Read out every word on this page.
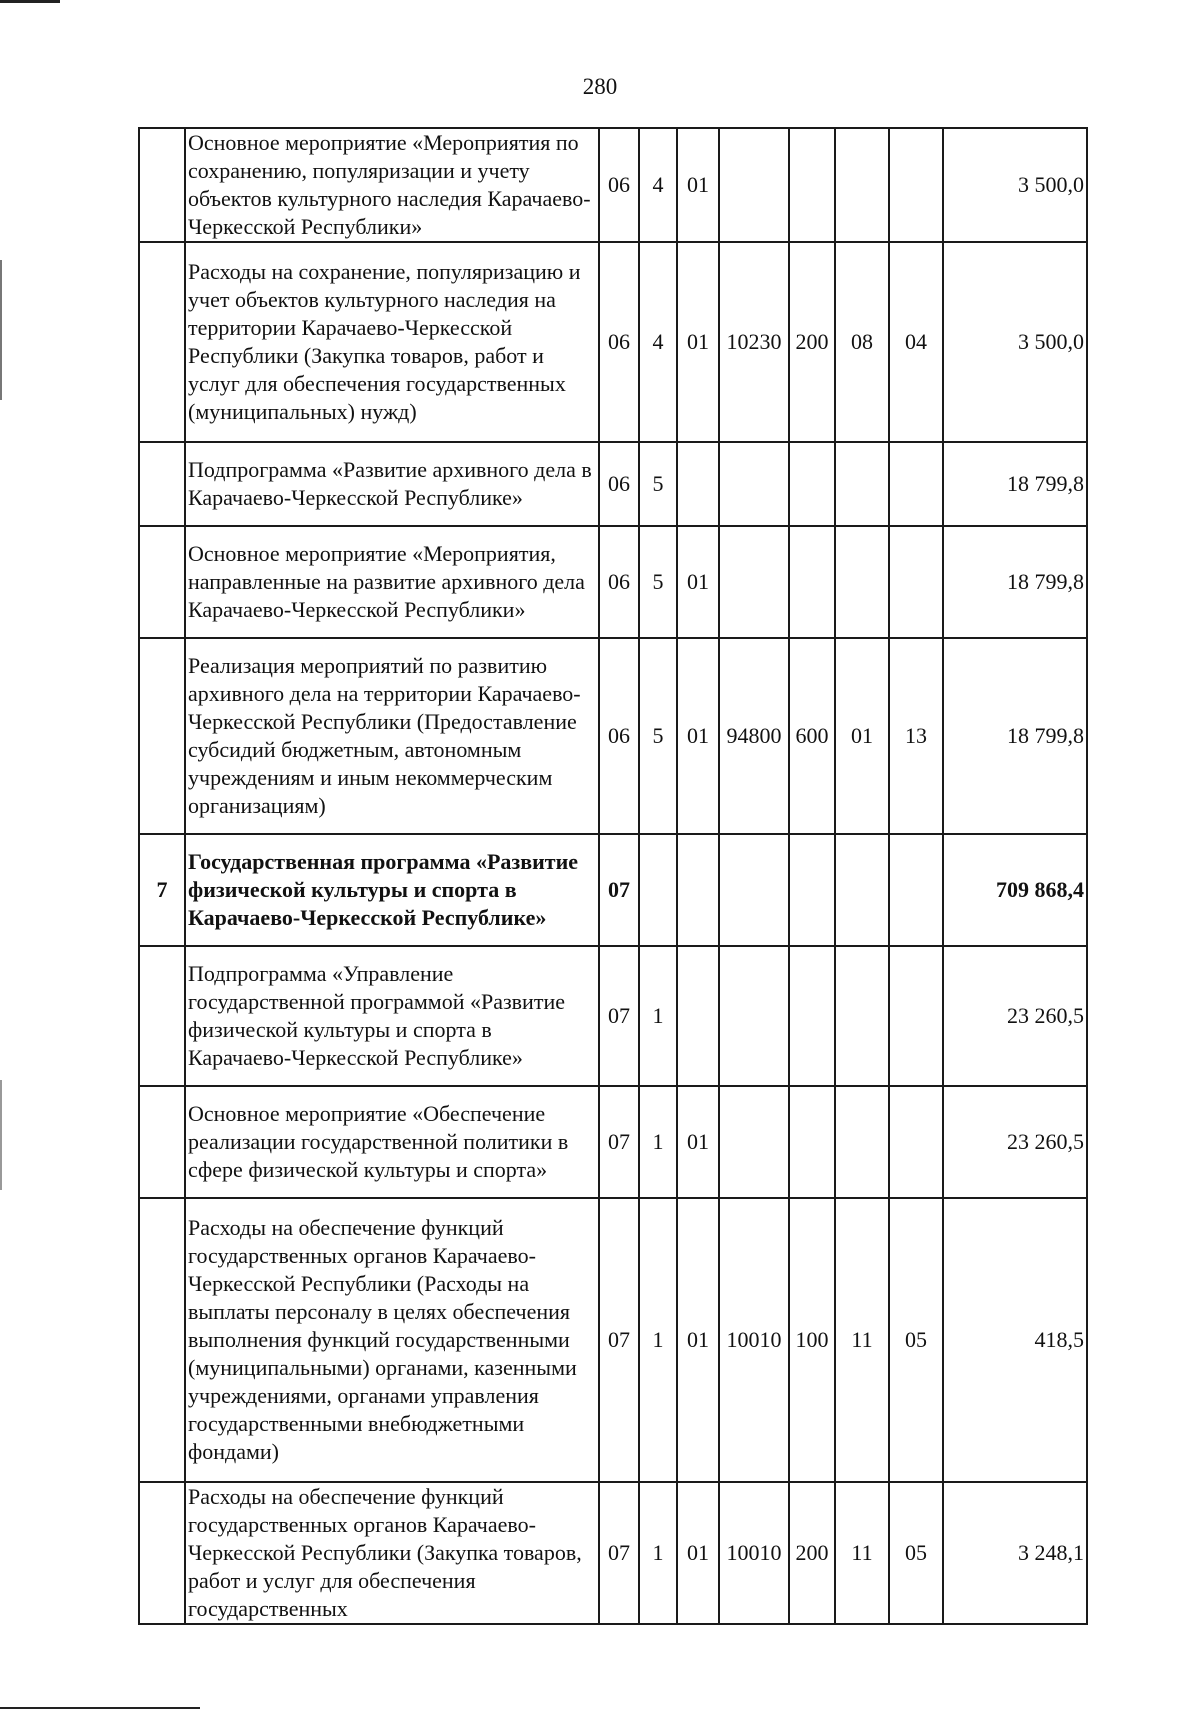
280
	Основное мероприятие «Мероприятия по сохранению, популяризации и учету объектов культурного наследия Карачаево-Черкесской Республики»	06	4	01					3 500,0
	Расходы на сохранение, популяризацию и учет объектов культурного наследия на территории Карачаево-Черкесской Республики (Закупка товаров, работ и услуг для обеспечения государственных (муниципальных) нужд)	06	4	01	10230	200	08	04	3 500,0
	Подпрограмма «Развитие архивного дела в Карачаево-Черкесской Республике»	06	5						18 799,8
	Основное мероприятие «Мероприятия, направленные на развитие архивного дела Карачаево-Черкесской Республики»	06	5	01					18 799,8
	Реализация мероприятий по развитию архивного дела на территории Карачаево-Черкесской Республики (Предоставление субсидий бюджетным, автономным учреждениям и иным некоммерческим организациям)	06	5	01	94800	600	01	13	18 799,8
7	Государственная программа «Развитие физической культуры и спорта в Карачаево-Черкесской Республике»	07							709 868,4
	Подпрограмма «Управление государственной программой «Развитие физической культуры и спорта в Карачаево-Черкесской Республике»	07	1						23 260,5
	Основное мероприятие «Обеспечение реализации государственной политики в сфере физической культуры и спорта»	07	1	01					23 260,5
	Расходы на обеспечение функций государственных органов Карачаево-Черкесской Республики (Расходы на выплаты персоналу в целях обеспечения выполнения функций государственными (муниципальными) органами, казенными учреждениями, органами управления государственными внебюджетными фондами)	07	1	01	10010	100	11	05	418,5
	Расходы на обеспечение функций государственных органов Карачаево-Черкесской Республики (Закупка товаров, работ и услуг для обеспечения государственных	07	1	01	10010	200	11	05	3 248,1
